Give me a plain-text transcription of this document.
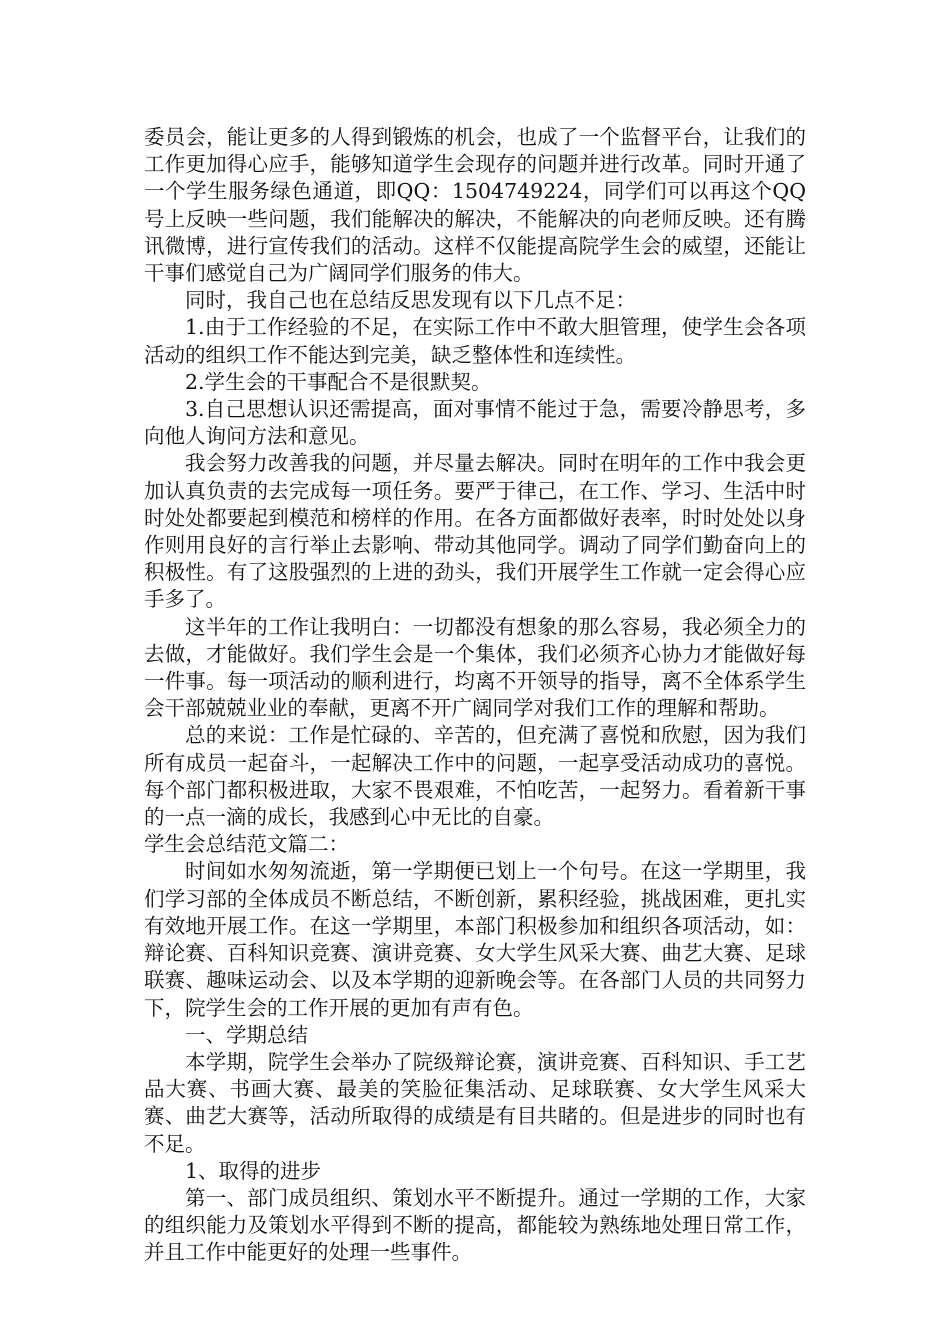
委员会，能让更多的人得到锻炼的机会，也成了一个监督平台，让我们的工作更加得心应手，能够知道学生会现存的问题并进行改革。同时开通了一个学生服务绿色通道，即QQ：1504749224，同学们可以再这个QQ号上反映一些问题，我们能解决的解决，不能解决的向老师反映。还有腾讯微博，进行宣传我们的活动。这样不仅能提高院学生会的威望，还能让干事们感觉自己为广阔同学们服务的伟大。

同时，我自己也在总结反思发现有以下几点不足：

1.由于工作经验的不足，在实际工作中不敢大胆管理，使学生会各项活动的组织工作不能达到完美，缺乏整体性和连续性。

2.学生会的干事配合不是很默契。

3.自己思想认识还需提高，面对事情不能过于急，需要冷静思考，多向他人询问方法和意见。

我会努力改善我的问题，并尽量去解决。同时在明年的工作中我会更加认真负责的去完成每一项任务。要严于律己，在工作、学习、生活中时时处处都要起到模范和榜样的作用。在各方面都做好表率，时时处处以身作则用良好的言行举止去影响、带动其他同学。调动了同学们勤奋向上的积极性。有了这股强烈的上进的劲头，我们开展学生工作就一定会得心应手多了。

这半年的工作让我明白：一切都没有想象的那么容易，我必须全力的去做，才能做好。我们学生会是一个集体，我们必须齐心协力才能做好每一件事。每一项活动的顺利进行，均离不开领导的指导，离不全体系学生会干部兢兢业业的奉献，更离不开广阔同学对我们工作的理解和帮助。

总的来说：工作是忙碌的、辛苦的，但充满了喜悦和欣慰，因为我们所有成员一起奋斗，一起解决工作中的问题，一起享受活动成功的喜悦。每个部门都积极进取，大家不畏艰难，不怕吃苦，一起努力。看着新干事的一点一滴的成长，我感到心中无比的自豪。

学生会总结范文篇二：

时间如水匆匆流逝，第一学期便已划上一个句号。在这一学期里，我们学习部的全体成员不断总结，不断创新，累积经验，挑战困难，更扎实有效地开展工作。在这一学期里，本部门积极参加和组织各项活动，如：辩论赛、百科知识竞赛、演讲竞赛、女大学生风采大赛、曲艺大赛、足球联赛、趣味运动会、以及本学期的迎新晚会等。在各部门人员的共同努力下，院学生会的工作开展的更加有声有色。

一、学期总结

本学期，院学生会举办了院级辩论赛，演讲竞赛、百科知识、手工艺品大赛、书画大赛、最美的笑脸征集活动、足球联赛、女大学生风采大赛、曲艺大赛等，活动所取得的成绩是有目共睹的。但是进步的同时也有不足。

1、取得的进步

第一、部门成员组织、策划水平不断提升。通过一学期的工作，大家的组织能力及策划水平得到不断的提高，都能较为熟练地处理日常工作，并且工作中能更好的处理一些事件。
